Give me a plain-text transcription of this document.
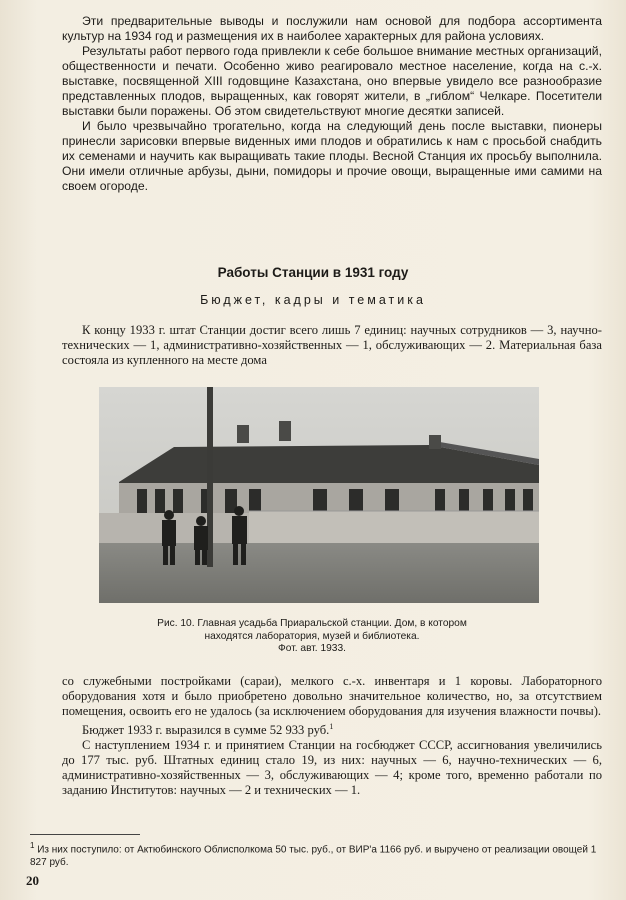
Эти предварительные выводы и послужили нам основой для подбора ассортимента культур на 1934 год и размещения их в наиболее характерных для района условиях.

Результаты работ первого года привлекли к себе большое внимание местных организаций, общественности и печати. Особенно живо реагировало местное население, когда на с.-х. выставке, посвященной XIII годовщине Казахстана, оно впервые увидело все разнообразие представленных плодов, выращенных, как говорят жители, в „гиблом“ Челкаре. Посетители выставки были поражены. Об этом свидетельствуют многие десятки записей.

И было чрезвычайно трогательно, когда на следующий день после выставки, пионеры принесли зарисовки впервые виденных ими плодов и обратились к нам с просьбой снабдить их семенами и научить как выращивать такие плоды. Весной Станция их просьбу выполнила. Они имели отличные арбузы, дыни, помидоры и прочие овощи, выращенные ими самими на своем огороде.

Работы Станции в 1931 году
Бюджет, кадры и тематика

К концу 1933 г. штат Станции достиг всего лишь 7 единиц: научных сотрудников — 3, научно-технических — 1, административно-хозяйственных — 1, обслуживающих — 2. Материальная база состояла из купленного на месте дома

Рис. 10. Главная усадьба Приаральской станции. Дом, в котором
находятся лаборатория, музей и библиотека.
Фот. авт. 1933.

со служебными постройками (сараи), мелкого с.-х. инвентаря и 1 коровы. Лабораторного оборудования хотя и было приобретено довольно значительное количество, но, за отсутствием помещения, освоить его не удалось (за исключением оборудования для изучения влажности почвы).

Бюджет 1933 г. выразился в сумме 52 933 руб.$^1$

С наступлением 1934 г. и принятием Станции на госбюджет СССР, ассигнования увеличились до 177 тыс. руб. Штатных единиц стало 19, из них: научных — 6, научно-технических — 6, административно-хозяйственных — 3, обслуживающих — 4; кроме того, временно работали по заданию Институтов: научных — 2 и технических — 1.

$^1$ Из них поступило: от Актюбинского Облисполкома 50 тыс. руб., от ВИР'а 1166 руб. и выручено от реализации овощей 1 827 руб.
20
